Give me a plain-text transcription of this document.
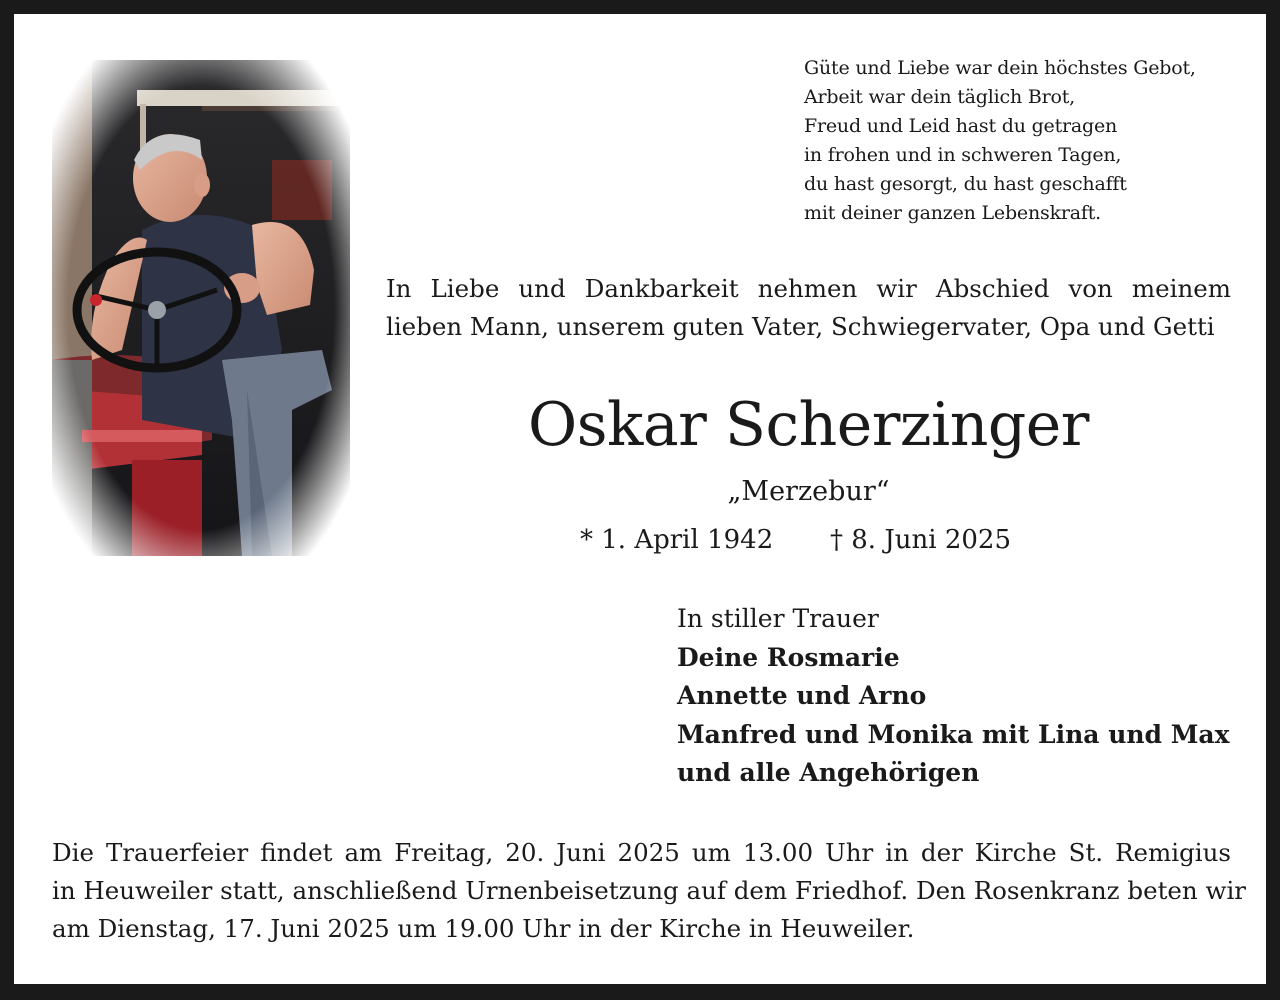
Güte und Liebe war dein höchstes Gebot,
Arbeit war dein täglich Brot,
Freud und Leid hast du getragen
in frohen und in schweren Tagen,
du hast gesorgt, du hast geschafft
mit deiner ganzen Lebenskraft.
In Liebe und Dankbarkeit nehmen wir Abschied von meinem
lieben Mann, unserem guten Vater, Schwiegervater, Opa und Getti
Oskar Scherzinger
„Merzebur“
* 1. April 1942 † 8. Juni 2025
In stiller Trauer
Deine Rosmarie
Annette und Arno
Manfred und Monika mit Lina und Max
und alle Angehörigen
Die Trauerfeier findet am Freitag, 20. Juni 2025 um 13.00 Uhr in der Kirche St. Remigius
in Heuweiler statt, anschließend Urnenbeisetzung auf dem Friedhof. Den Rosenkranz beten wir
am Dienstag, 17. Juni 2025 um 19.00 Uhr in der Kirche in Heuweiler.
